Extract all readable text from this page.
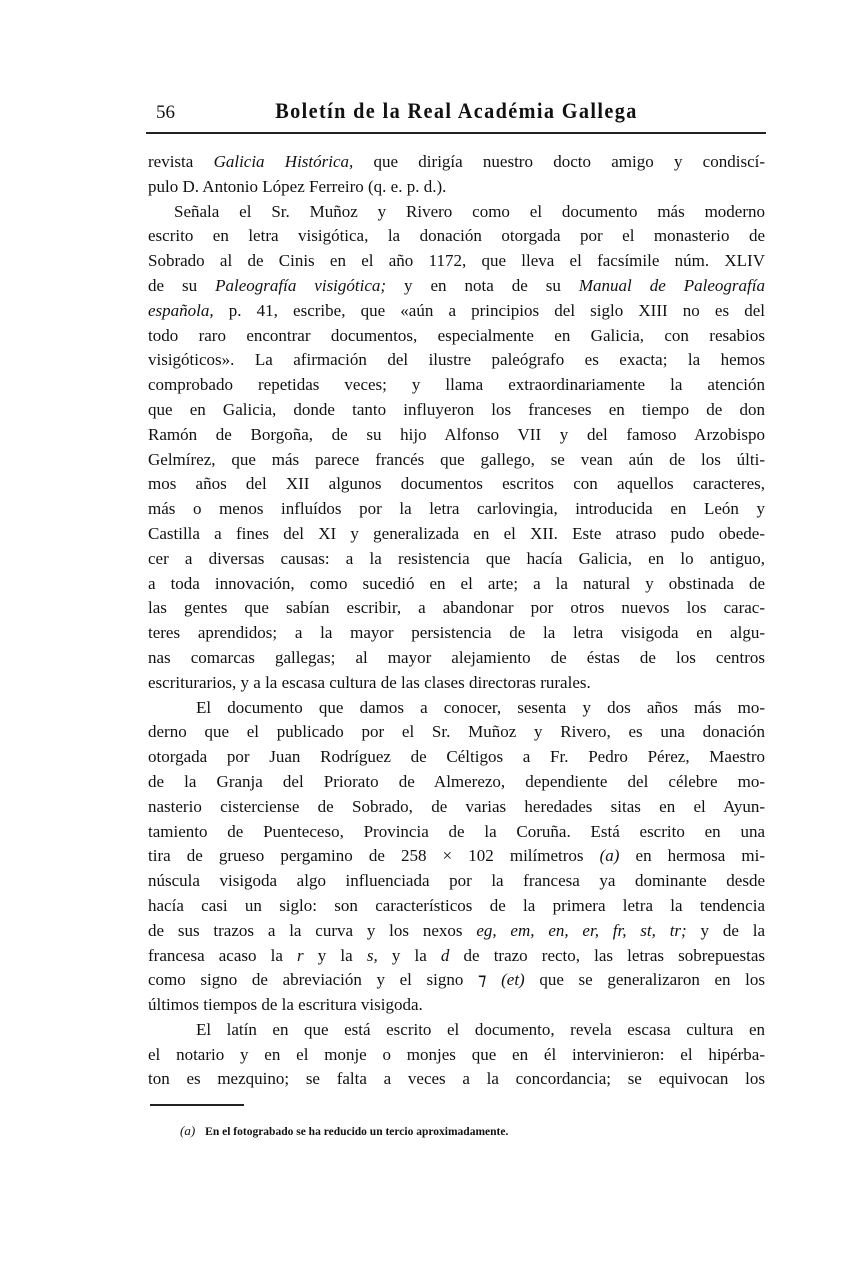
56	Boletín de la Real Académia Gallega
revista Galicia Histórica, que dirigía nuestro docto amigo y condiscí-
pulo D. Antonio López Ferreiro (q. e. p. d.).
Señala el Sr. Muñoz y Rivero como el documento más moderno
escrito en letra visigótica, la donación otorgada por el monasterio de
Sobrado al de Cinis en el año 1172, que lleva el facsímile núm. XLIV
de su Paleografía visigótica; y en nota de su Manual de Paleografía
española, p. 41, escribe, que «aún a principios del siglo XIII no es del
todo raro encontrar documentos, especialmente en Galicia, con resabios
visigóticos». La afirmación del ilustre paleógrafo es exacta; la hemos
comprobado repetidas veces; y llama extraordinariamente la atención
que en Galicia, donde tanto influyeron los franceses en tiempo de don
Ramón de Borgoña, de su hijo Alfonso VII y del famoso Arzobispo
Gelmírez, que más parece francés que gallego, se vean aún de los últi-
mos años del XII algunos documentos escritos con aquellos caracteres,
más o menos influídos por la letra carlovingia, introducida en León y
Castilla a fines del XI y generalizada en el XII. Este atraso pudo obede-
cer a diversas causas: a la resistencia que hacía Galicia, en lo antiguo,
a toda innovación, como sucedió en el arte; a la natural y obstinada de
las gentes que sabían escribir, a abandonar por otros nuevos los carac-
teres aprendidos; a la mayor persistencia de la letra visigoda en algu-
nas comarcas gallegas; al mayor alejamiento de éstas de los centros
escriturarios, y a la escasa cultura de las clases directoras rurales.
El documento que damos a conocer, sesenta y dos años más mo-
derno que el publicado por el Sr. Muñoz y Rivero, es una donación
otorgada por Juan Rodríguez de Céltigos a Fr. Pedro Pérez, Maestro
de la Granja del Priorato de Almerezo, dependiente del célebre mo-
nasterio cisterciense de Sobrado, de varias heredades sitas en el Ayun-
tamiento de Puenteceso, Provincia de la Coruña. Está escrito en una
tira de grueso pergamino de 258 × 102 milímetros (a) en hermosa mi-
núscula visigoda algo influenciada por la francesa ya dominante desde
hacía casi un siglo: son característicos de la primera letra la tendencia
de sus trazos a la curva y los nexos eg, em, en, er, fr, st, tr; y de la
francesa acaso la r y la s, y la d de trazo recto, las letras sobrepuestas
como signo de abreviación y el signo ⁊ (et) que se generalizaron en los
últimos tiempos de la escritura visigoda.
El latín en que está escrito el documento, revela escasa cultura en
el notario y en el monje o monjes que en él intervinieron: el hipérba-
ton es mezquino; se falta a veces a la concordancia; se equivocan los
(a) En el fotograbado se ha reducido un tercio aproximadamente.
